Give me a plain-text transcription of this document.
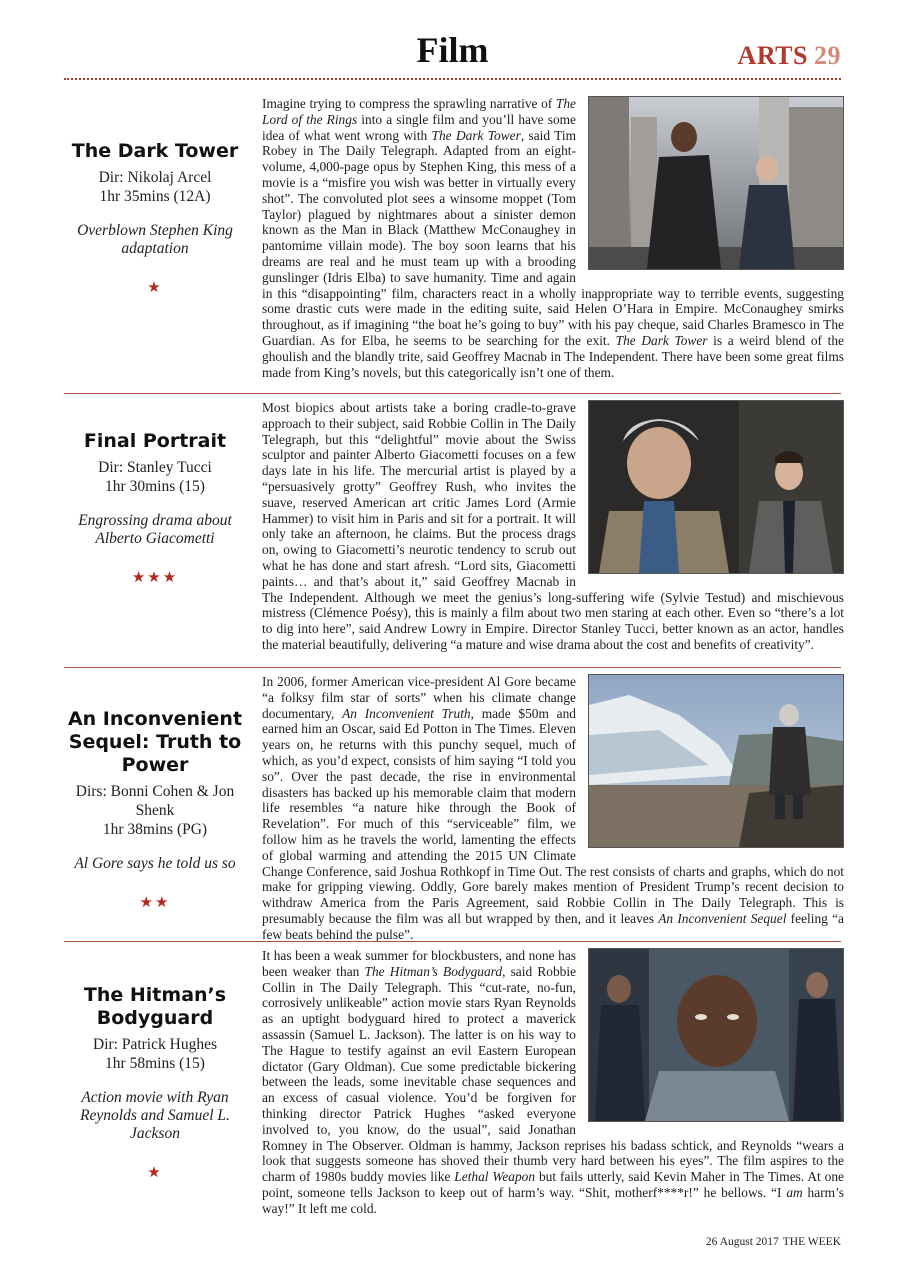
Film	ARTS 29
The Dark Tower
Dir: Nikolaj Arcel
1hr 35mins (12A)
Overblown Stephen King adaptation
★
Imagine trying to compress the sprawling narrative of The Lord of the Rings into a single film and you’ll have some idea of what went wrong with The Dark Tower, said Tim Robey in The Daily Telegraph. Adapted from an eight-volume, 4,000-page opus by Stephen King, this mess of a movie is a “misfire you wish was better in virtually every shot”. The convoluted plot sees a winsome moppet (Tom Taylor) plagued by nightmares about a sinister demon known as the Man in Black (Matthew McConaughey in pantomime villain mode). The boy soon learns that his dreams are real and he must team up with a brooding gunslinger (Idris Elba) to save humanity. Time and again in this “disappointing” film, characters react in a wholly inappropriate way to terrible events, suggesting some drastic cuts were made in the editing suite, said Helen O’Hara in Empire. McConaughey smirks throughout, as if imagining “the boat he’s going to buy” with his pay cheque, said Charles Bramesco in The Guardian. As for Elba, he seems to be searching for the exit. The Dark Tower is a weird blend of the ghoulish and the blandly trite, said Geoffrey Macnab in The Independent. There have been some great films made from King’s novels, but this categorically isn’t one of them.
Final Portrait
Dir: Stanley Tucci
1hr 30mins (15)
Engrossing drama about Alberto Giacometti
★★★
Most biopics about artists take a boring cradle-to-grave approach to their subject, said Robbie Collin in The Daily Telegraph, but this “delightful” movie about the Swiss sculptor and painter Alberto Giacometti focuses on a few days late in his life. The mercurial artist is played by a “persuasively grotty” Geoffrey Rush, who invites the suave, reserved American art critic James Lord (Armie Hammer) to visit him in Paris and sit for a portrait. It will only take an afternoon, he claims. But the process drags on, owing to Giacometti’s neurotic tendency to scrub out what he has done and start afresh. “Lord sits, Giacometti paints… and that’s about it,” said Geoffrey Macnab in The Independent. Although we meet the genius’s long-suffering wife (Sylvie Testud) and mischievous mistress (Clémence Poésy), this is mainly a film about two men staring at each other. Even so “there’s a lot to dig into here”, said Andrew Lowry in Empire. Director Stanley Tucci, better known as an actor, handles the material beautifully, delivering “a mature and wise drama about the cost and benefits of creativity”.
An Inconvenient Sequel: Truth to Power
Dirs: Bonni Cohen & Jon Shenk
1hr 38mins (PG)
Al Gore says he told us so
★★
In 2006, former American vice-president Al Gore became “a folksy film star of sorts” when his climate change documentary, An Inconvenient Truth, made $50m and earned him an Oscar, said Ed Potton in The Times. Eleven years on, he returns with this punchy sequel, much of which, as you’d expect, consists of him saying “I told you so”. Over the past decade, the rise in environmental disasters has backed up his memorable claim that modern life resembles “a nature hike through the Book of Revelation”. For much of this “serviceable” film, we follow him as he travels the world, lamenting the effects of global warming and attending the 2015 UN Climate Change Conference, said Joshua Rothkopf in Time Out. The rest consists of charts and graphs, which do not make for gripping viewing. Oddly, Gore barely makes mention of President Trump’s recent decision to withdraw America from the Paris Agreement, said Robbie Collin in The Daily Telegraph. This is presumably because the film was all but wrapped by then, and it leaves An Inconvenient Sequel feeling “a few beats behind the pulse”.
The Hitman’s Bodyguard
Dir: Patrick Hughes
1hr 58mins (15)
Action movie with Ryan Reynolds and Samuel L. Jackson
★
It has been a weak summer for blockbusters, and none has been weaker than The Hitman’s Bodyguard, said Robbie Collin in The Daily Telegraph. This “cut-rate, no-fun, corrosively unlikeable” action movie stars Ryan Reynolds as an uptight bodyguard hired to protect a maverick assassin (Samuel L. Jackson). The latter is on his way to The Hague to testify against an evil Eastern European dictator (Gary Oldman). Cue some predictable bickering between the leads, some inevitable chase sequences and an excess of casual violence. You’d be forgiven for thinking director Patrick Hughes “asked everyone involved to, you know, do the usual”, said Jonathan Romney in The Observer. Oldman is hammy, Jackson reprises his badass schtick, and Reynolds “wears a look that suggests someone has shoved their thumb very hard between his eyes”. The film aspires to the charm of 1980s buddy movies like Lethal Weapon but fails utterly, said Kevin Maher in The Times. At one point, someone tells Jackson to keep out of harm’s way. “Shit, motherf****r!” he bellows. “I am harm’s way!” It left me cold.
26 August 2017 THE WEEK
